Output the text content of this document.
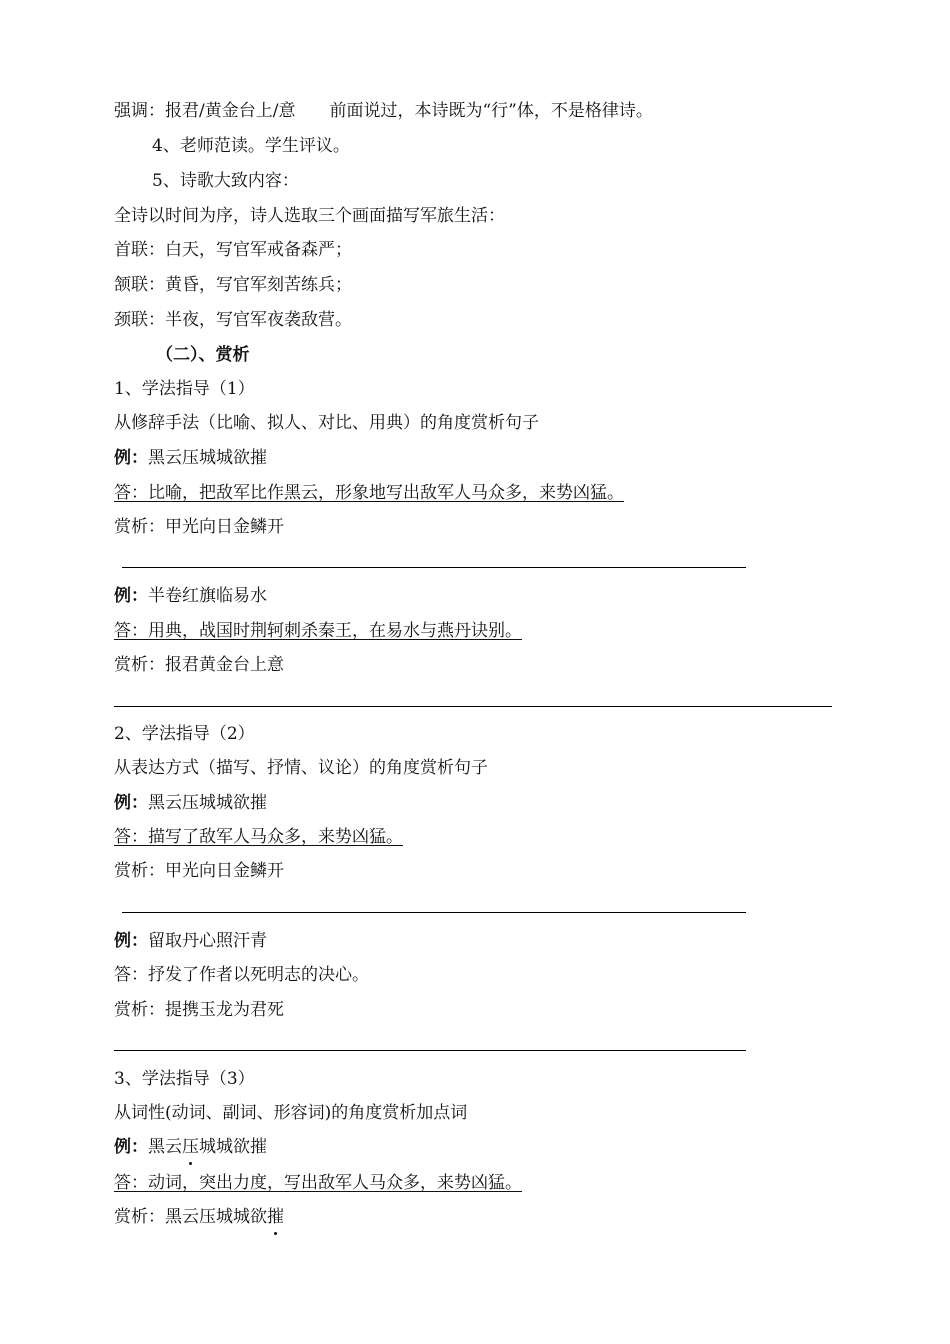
强调：报君/黄金台上/意　　前面说过，本诗既为“行”体，不是格律诗。
4、老师范读。学生评议。
5、诗歌大致内容：
全诗以时间为序，诗人选取三个画面描写军旅生活：
首联：白天，写官军戒备森严；
颔联：黄昏，写官军刻苦练兵；
颈联：半夜，写官军夜袭敌营。
（二）、赏析
1、学法指导（1）
从修辞手法（比喻、拟人、对比、用典）的角度赏析句子
例：黑云压城城欲摧
答：比喻，把敌军比作黑云，形象地写出敌军人马众多，来势凶猛。
赏析：甲光向日金鳞开
例：半卷红旗临易水
答：用典，战国时荆轲刺杀秦王，在易水与燕丹诀别。
赏析：报君黄金台上意
2、学法指导（2）
从表达方式（描写、抒情、议论）的角度赏析句子
例：黑云压城城欲摧
答：描写了敌军人马众多，来势凶猛。
赏析：甲光向日金鳞开
例：留取丹心照汗青
答：抒发了作者以死明志的决心。
赏析：提携玉龙为君死
3、学法指导（3）
从词性(动词、副词、形容词)的角度赏析加点词
例：黑云压城城欲摧
答：动词，突出力度，写出敌军人马众多，来势凶猛。
赏析：黑云压城城欲摧
